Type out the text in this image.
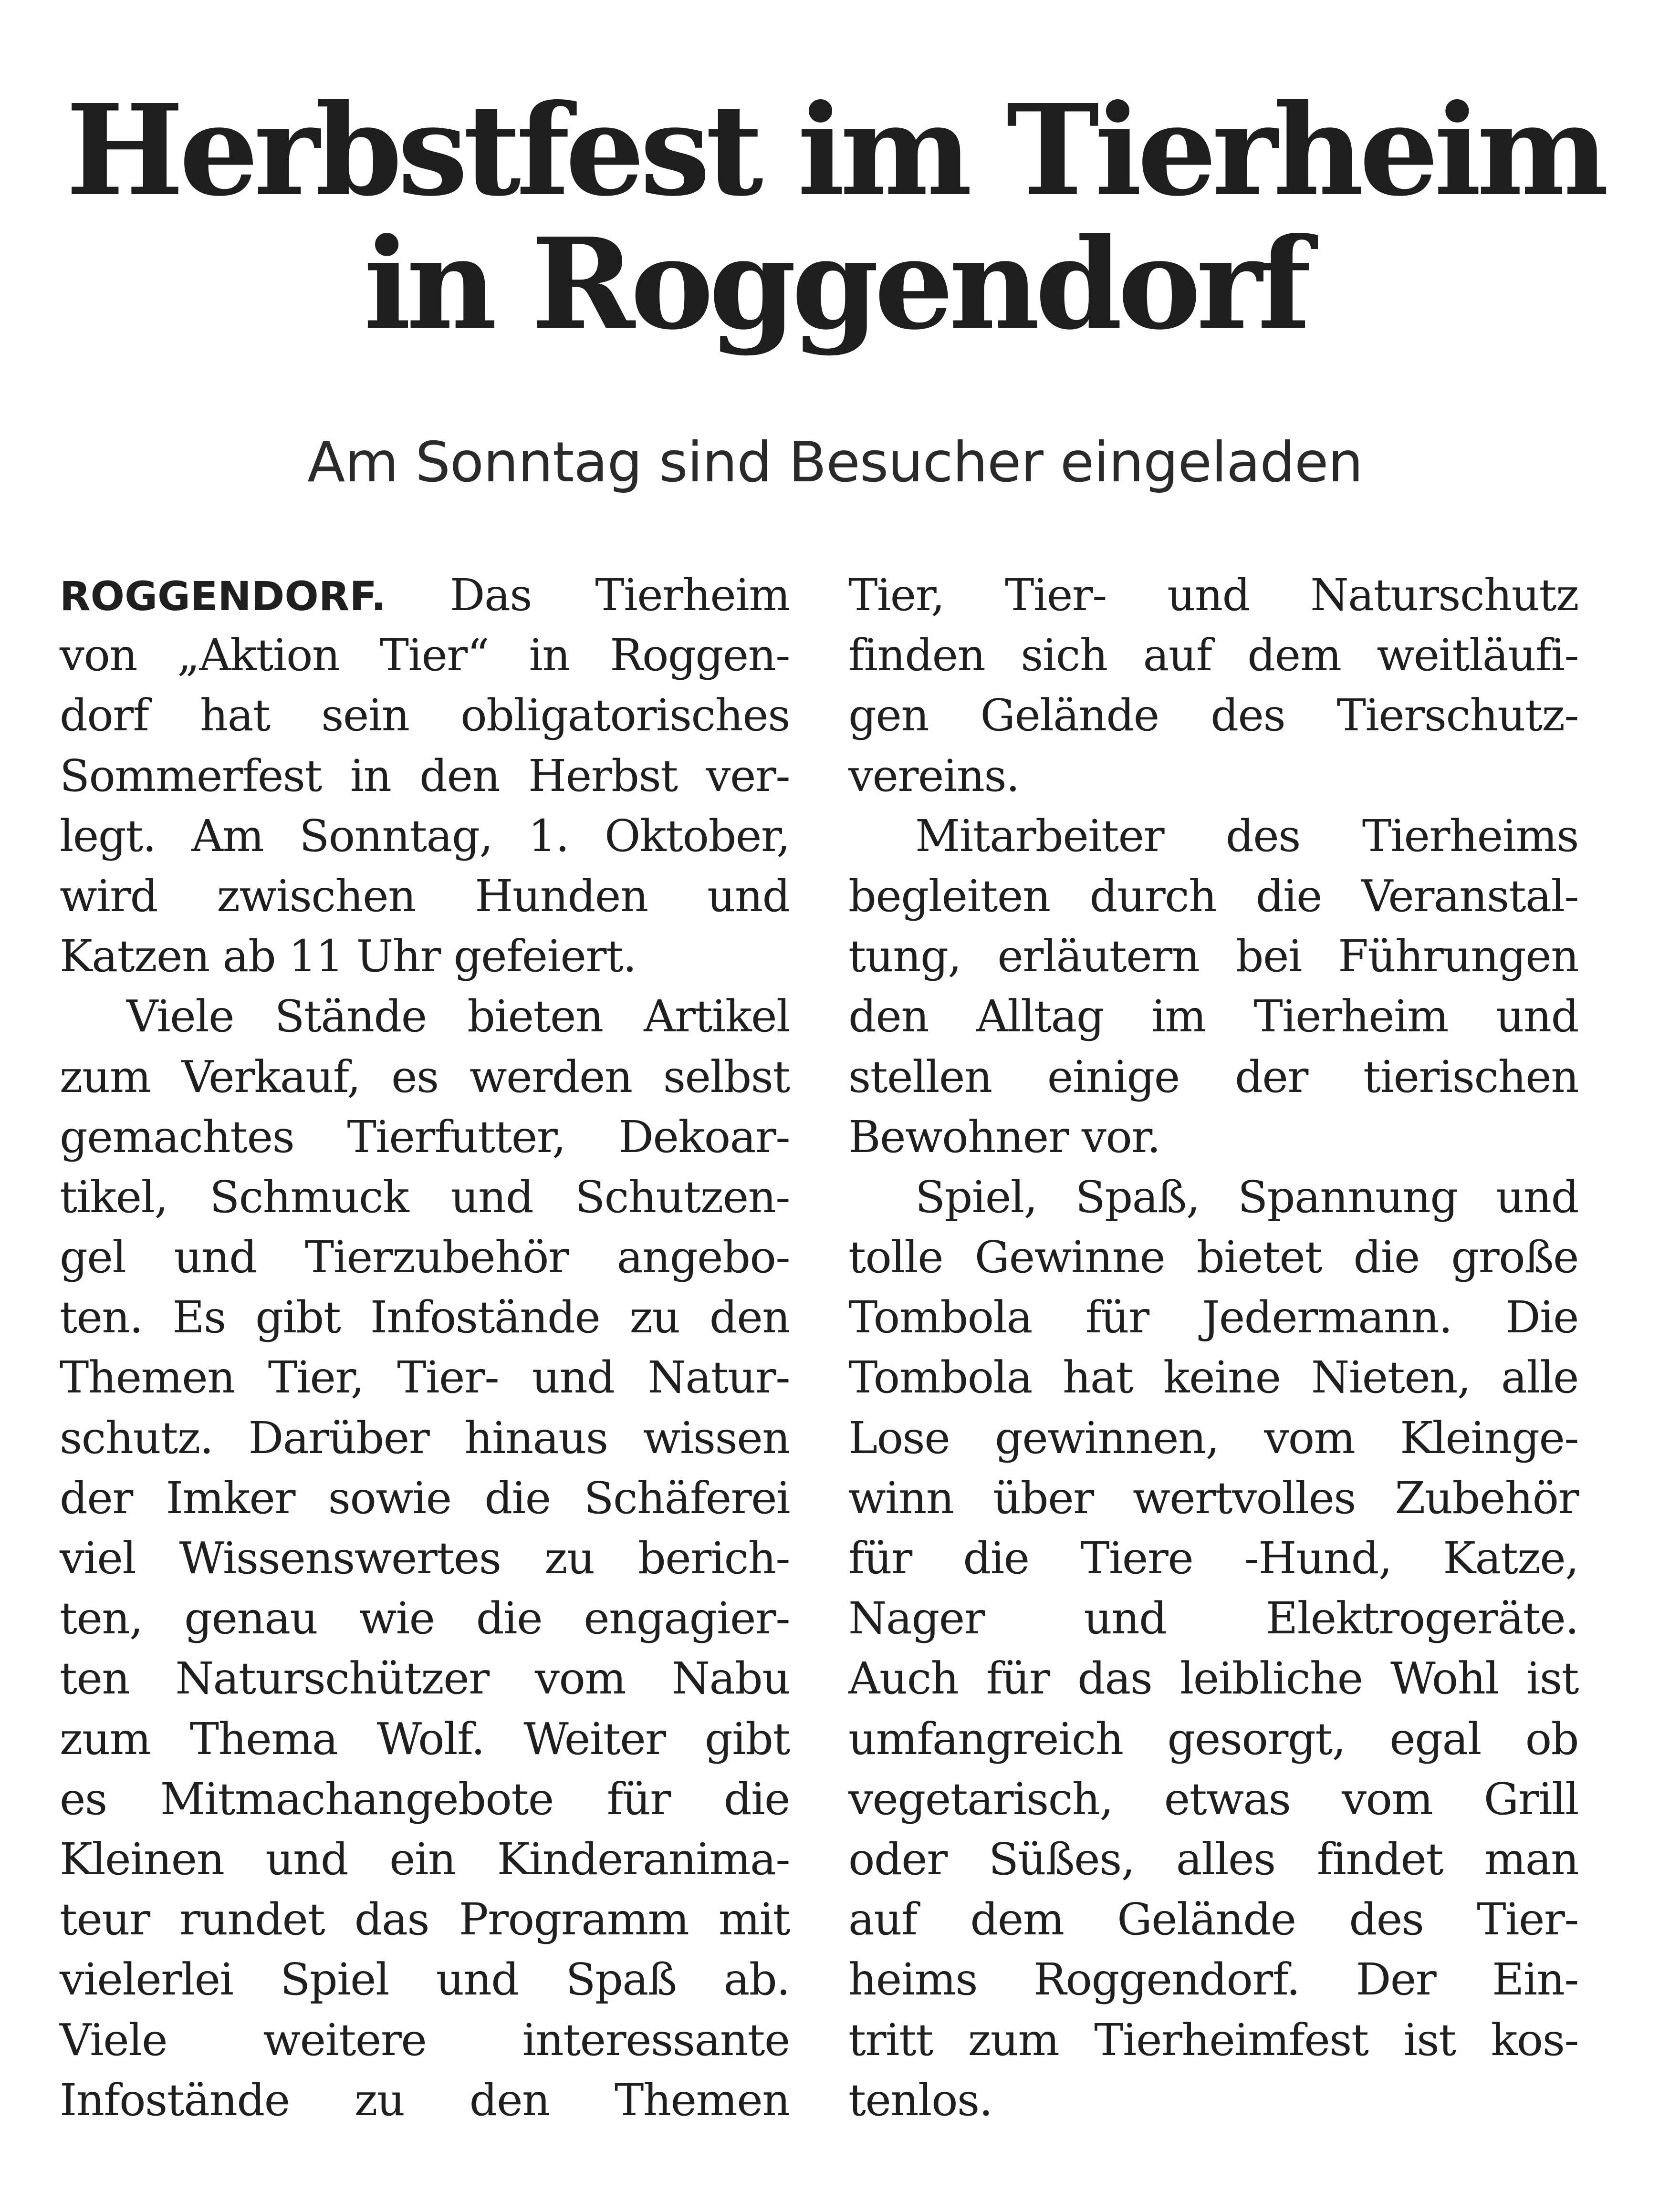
Herbstfest im Tierheim
in Roggendorf
Am Sonntag sind Besucher eingeladen
ROGGENDORF. Das Tierheim
von „Aktion Tier“ in Roggen-
dorf hat sein obligatorisches
Sommerfest in den Herbst ver-
legt. Am Sonntag, 1. Oktober,
wird zwischen Hunden und
Katzen ab 11 Uhr gefeiert.
Viele Stände bieten Artikel
zum Verkauf, es werden selbst
gemachtes Tierfutter, Dekoar-
tikel, Schmuck und Schutzen-
gel und Tierzubehör angebo-
ten. Es gibt Infostände zu den
Themen Tier, Tier- und Natur-
schutz. Darüber hinaus wissen
der Imker sowie die Schäferei
viel Wissenswertes zu berich-
ten, genau wie die engagier-
ten Naturschützer vom Nabu
zum Thema Wolf. Weiter gibt
es Mitmachangebote für die
Kleinen und ein Kinderanima-
teur rundet das Programm mit
vielerlei Spiel und Spaß ab.
Viele weitere interessante
Infostände zu den Themen
Tier, Tier- und Naturschutz
finden sich auf dem weitläufi-
gen Gelände des Tierschutz-
vereins.
Mitarbeiter des Tierheims
begleiten durch die Veranstal-
tung, erläutern bei Führungen
den Alltag im Tierheim und
stellen einige der tierischen
Bewohner vor.
Spiel, Spaß, Spannung und
tolle Gewinne bietet die große
Tombola für Jedermann. Die
Tombola hat keine Nieten, alle
Lose gewinnen, vom Kleinge-
winn über wertvolles Zubehör
für die Tiere -Hund, Katze,
Nager und Elektrogeräte.
Auch für das leibliche Wohl ist
umfangreich gesorgt, egal ob
vegetarisch, etwas vom Grill
oder Süßes, alles findet man
auf dem Gelände des Tier-
heims Roggendorf. Der Ein-
tritt zum Tierheimfest ist kos-
tenlos.
